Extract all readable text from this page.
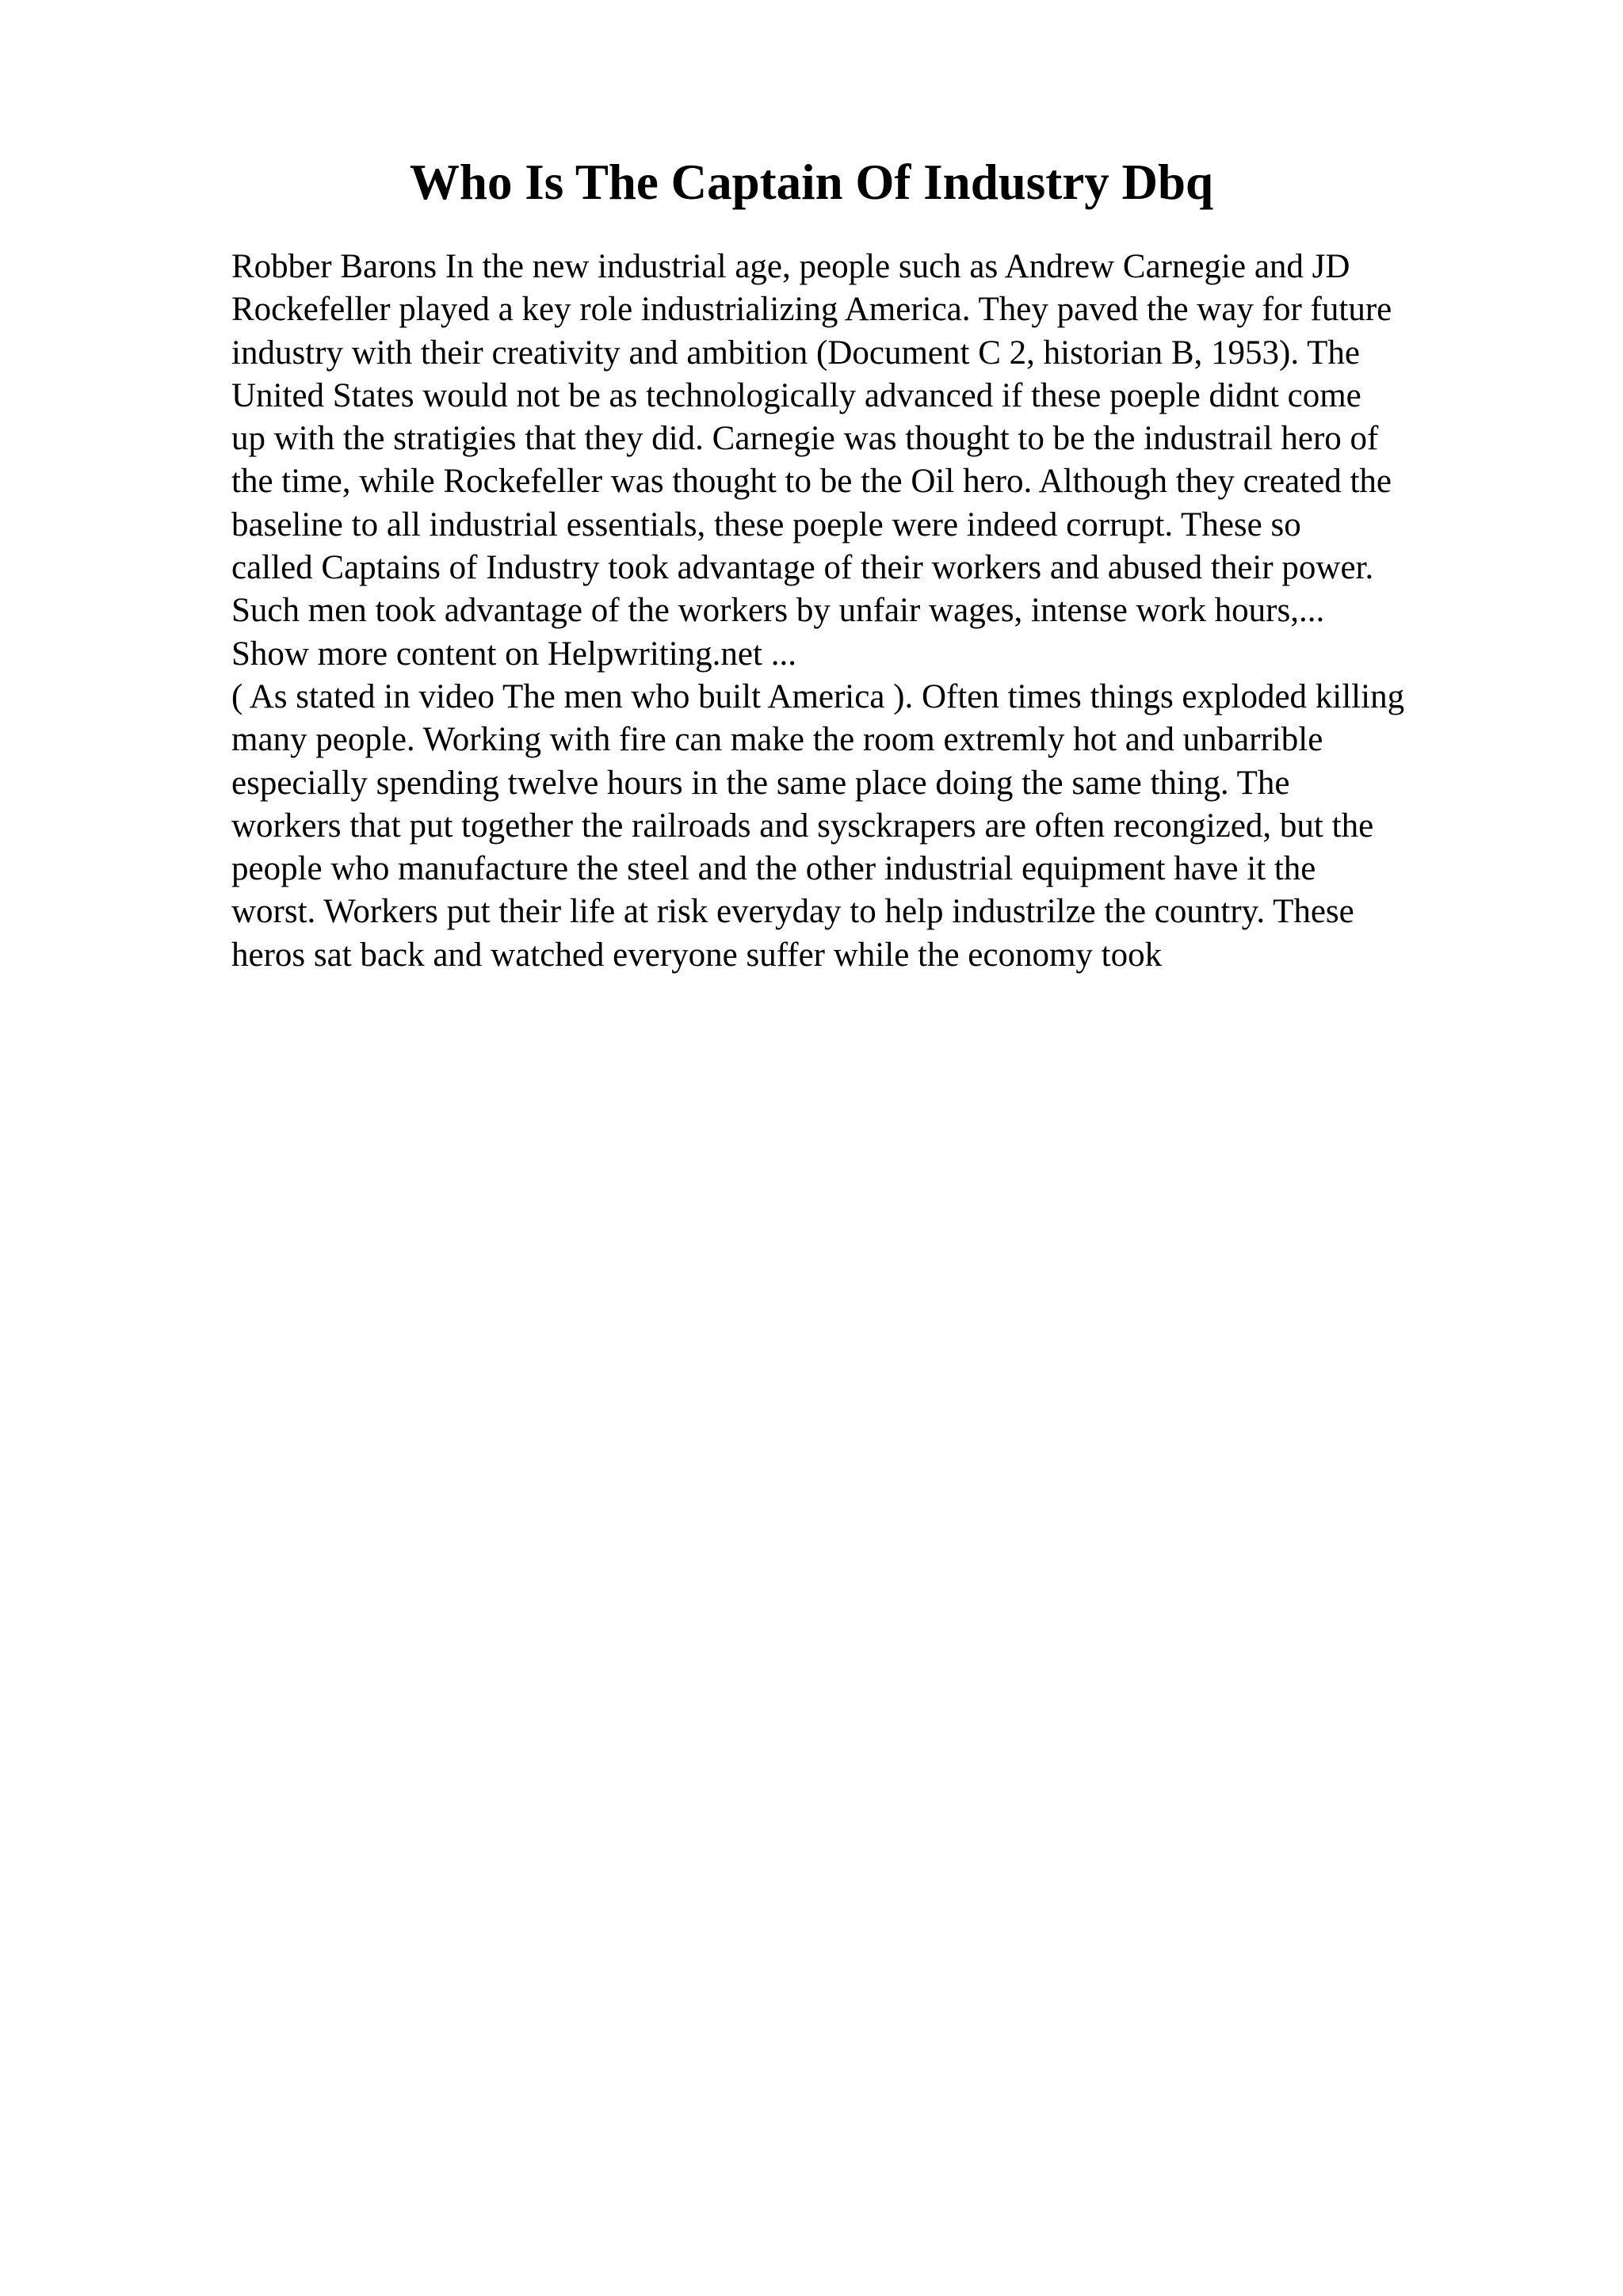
Who Is The Captain Of Industry Dbq
Robber Barons In the new industrial age, people such as Andrew Carnegie and JD
Rockefeller played a key role industrializing America. They paved the way for future
industry with their creativity and ambition (Document C 2, historian B, 1953). The
United States would not be as technologically advanced if these poeple didnt come
up with the stratigies that they did. Carnegie was thought to be the industrail hero of
the time, while Rockefeller was thought to be the Oil hero. Although they created the
baseline to all industrial essentials, these poeple were indeed corrupt. These so
called Captains of Industry took advantage of their workers and abused their power.
Such men took advantage of the workers by unfair wages, intense work hours,...
Show more content on Helpwriting.net ...
( As stated in video The men who built America ). Often times things exploded killing
many people. Working with fire can make the room extremly hot and unbarrible
especially spending twelve hours in the same place doing the same thing. The
workers that put together the railroads and sysckrapers are often recongized, but the
people who manufacture the steel and the other industrial equipment have it the
worst. Workers put their life at risk everyday to help industrilze the country. These
heros sat back and watched everyone suffer while the economy took
